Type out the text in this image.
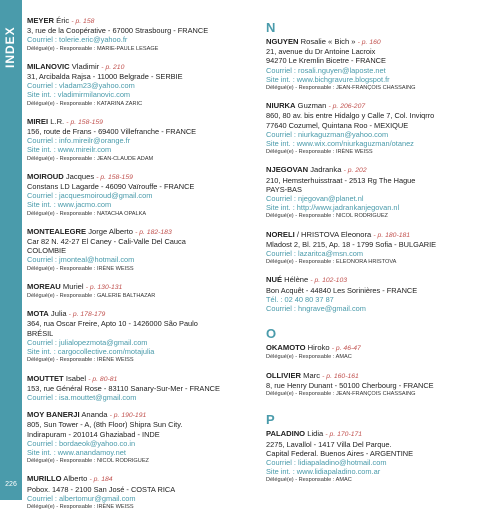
INDEX
226
MEYER Éric - p. 158
3, rue de la Coopérative - 67000 Strasbourg - FRANCE
Courriel : tolerie.eric@yahoo.fr
Délégué(e) - Responsable : MARIE-PAULE LESAGE
MILANOVIC Vladimir - p. 210
31, Arcibalda Rajsa - 11000 Belgrade - SERBIE
Courriel : vladam23@yahoo.com
Site int. : vladimirmilanovic.com
Délégué(e) - Responsable : KATARINA ZARIC
MIREI L.R. - p. 158-159
156, route de Frans - 69400 Villefranche - FRANCE
Courriel : info.mireilr@orange.fr
Site int. : www.mireilr.com
Délégué(e) - Responsable : JEAN-CLAUDE ADAM
MOIROUD Jacques - p. 158-159
Constans LD Lagarde - 46090 Vaïrouffe - FRANCE
Courriel : jacquesmoiroud@gmail.com
Site int. : www.jacmo.com
Délégué(e) - Responsable : NATACHA OPALKA
MONTEALEGRE Jorge Alberto - p. 182-183
Car 82 N. 42-27 El Caney - Cali-Valle Del Cauca
COLOMBIE
Courriel : jmonteal@hotmail.com
Délégué(e) - Responsable : IRÈNE WEISS
MOREAU Muriel - p. 130-131
Délégué(e) - Responsable : GALERIE BALTHAZAR
MOTA Julia - p. 178-179
364, rua Oscar Freire, Apto 10 - 1426000 São Paulo
BRÉSIL
Courriel : julialopezmota@gmail.com
Site int. : cargocollective.com/motajulia
Délégué(e) - Responsable : IRÈNE WEISS
MOUTTET Isabel - p. 80-81
153, rue Général Rose - 83110 Sanary-Sur-Mer - FRANCE
Courriel : isa.mouttet@gmail.com
MOY BANERJI Ananda - p. 190-191
805, Sun Tower - A, (8th Floor) Shipra Sun City.
Indirapuram - 201014 Ghaziabad - INDE
Courriel : bordaeok@yahoo.co.in
Site int. : www.anandamoy.net
Délégué(e) - Responsable : NICOL RODRIGUEZ
MURILLO Alberto - p. 184
Pobox. 1478 - 2100 San José - COSTA RICA
Courriel : albertomur@gmail.com
Délégué(e) - Responsable : IRÈNE WEISS
N
NGUYEN Rosalie « Bich » - p. 160
21, avenue du Dr Antoine Lacroix
94270 Le Kremlin Bicetre - FRANCE
Courriel : rosali.nguyen@laposte.net
Site int. : www.bichgravure.blogspot.fr
Délégué(e) - Responsable : JEAN-FRANÇOIS CHASSAING
NIURKA Guzman - p. 206-207
860, 80 av. bis entre Hidalgo y Calle 7, Col. Inviqrro
77640 Cozumel, Quintana Roo - MEXIQUE
Courriel : niurkaguzman@yahoo.com
Site int. : www.wix.com/niurkaguzman/otanez
Délégué(e) - Responsable : IRÈNE WEISS
NJEGOVAN Jadranka - p. 202
210, Hemsterhuisstraat - 2513 Rg The Hague
PAYS-BAS
Courriel : njegovan@planet.nl
Site int. : http://www.jadrankanjegovan.nl
Délégué(e) - Responsable : NICOL RODRIGUEZ
NORELI / HRISTOVA Eleonora - p. 180-181
Mladost 2, Bl. 215, Ap. 18 - 1799 Sofia - BULGARIE
Courriel : lazaritca@msn.com
Délégué(e) - Responsable : ELEONORA HRISTOVA
NUÉ Hélène - p. 102-103
Bon Acquêt - 44840 Les Sorinières - FRANCE
Tél. : 02 40 80 37 87
Courriel : hngrave@gmail.com
O
OKAMOTO Hiroko - p. 46-47
Délégué(e) - Responsable : AMAC
OLLIVIER Marc - p. 160-161
8, rue Henry Dunant - 50100 Cherbourg - FRANCE
Délégué(e) - Responsable : JEAN-FRANÇOIS CHASSAING
P
PALADINO Lidia - p. 170-171
2275, Lavallol - 1417 Villa Del Parque.
Capital Federal. Buenos Aires - ARGENTINE
Courriel : lidiapaladino@hotmail.com
Site int. : www.lidiapaladino.com.ar
Délégué(e) - Responsable : AMAC
